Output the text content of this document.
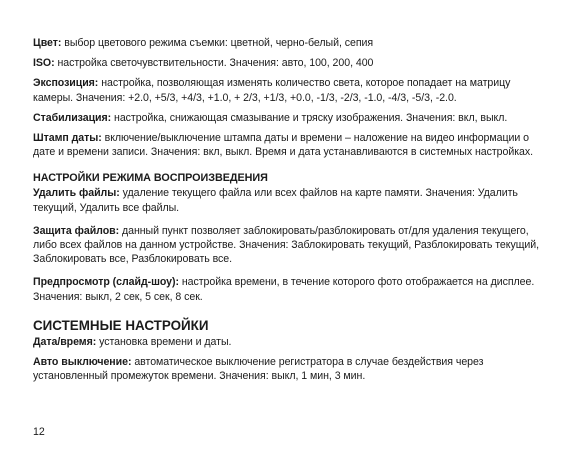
Цвет: выбор цветового режима съемки: цветной, черно-белый, сепия

ISO: настройка светочувствительности. Значения: авто, 100, 200, 400

Экспозиция: настройка, позволяющая изменять количество света, которое попадает на матрицу камеры. Значения: +2.0, +5/3, +4/3, +1.0, + 2/3, +1/3, +0.0, -1/3, -2/3, -1.0, -4/3, -5/3, -2.0.

Стабилизация: настройка, снижающая смазывание и тряску изображения. Значения: вкл, выкл.

Штамп даты: включение/выключение штампа даты и времени – наложение на видео информации о дате и времени записи. Значения: вкл, выкл. Время и дата устанавливаются в системных настройках.

НАСТРОЙКИ РЕЖИМА ВОСПРОИЗВЕДЕНИЯ

Удалить файлы: удаление текущего файла или всех файлов на карте памяти. Значения: Удалить текущий, Удалить все файлы.

Защита файлов: данный пункт позволяет заблокировать/разблокировать от/для удаления текущего, либо всех файлов на данном устройстве. Значения: Заблокировать текущий, Разблокировать текущий, Заблокировать все, Разблокировать все.

Предпросмотр (слайд-шоу): настройка времени, в течение которого фото отображается на дисплее. Значения: выкл, 2 сек, 5 сек, 8 сек.

СИСТЕМНЫЕ НАСТРОЙКИ

Дата/время: установка времени и даты.

Авто выключение: автоматическое выключение регистратора в случае бездействия через установленный промежуток времени. Значения: выкл, 1 мин, 3 мин.

12
